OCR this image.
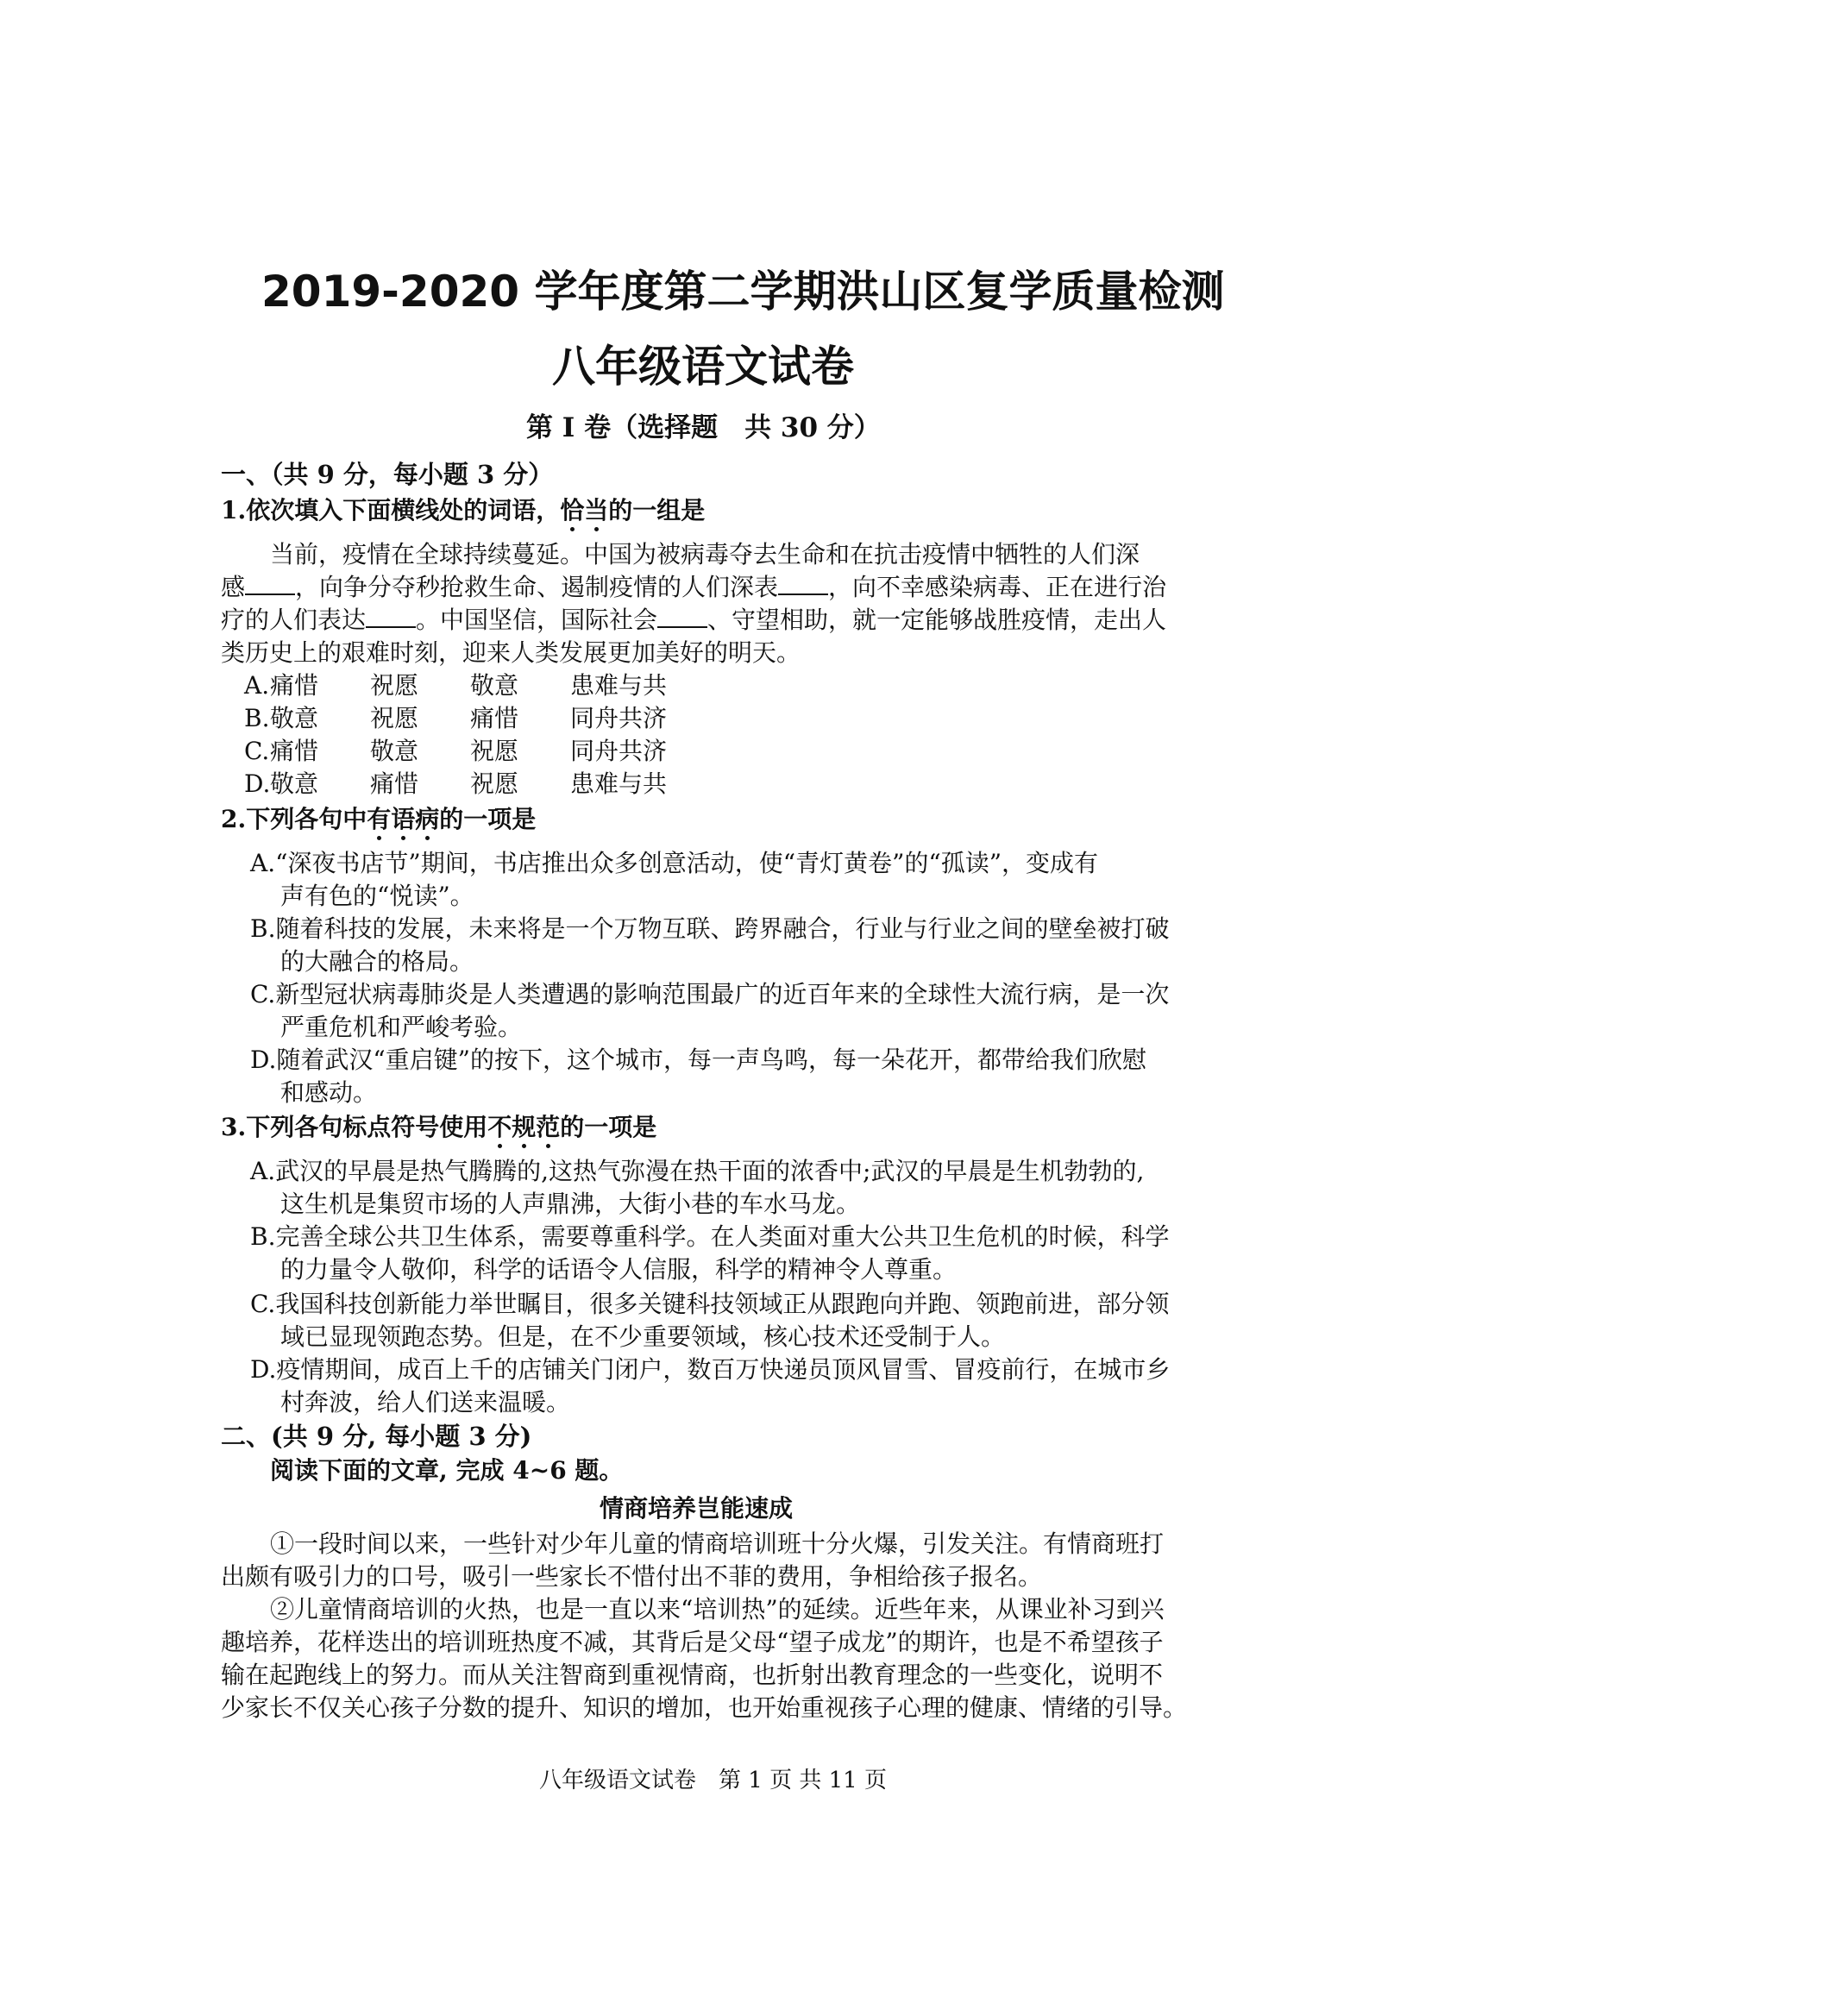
2019-2020 学年度第二学期洪山区复学质量检测
八年级语文试卷
第 I 卷（选择题　共 30 分）
一、（共 9 分，每小题 3 分）
1.依次填入下面横线处的词语，恰当的一组是
当前，疫情在全球持续蔓延。中国为被病毒夺去生命和在抗击疫情中牺牲的人们深
感 ，向争分夺秒抢救生命、遏制疫情的人们深表 ，向不幸感染病毒、正在进行治
疗的人们表达 。中国坚信，国际社会 、守望相助，就一定能够战胜疫情，走出人
类历史上的艰难时刻，迎来人类发展更加美好的明天。
A.痛惜 祝愿 敬意 患难与共
B.敬意 祝愿 痛惜 同舟共济
C.痛惜 敬意 祝愿 同舟共济
D.敬意 痛惜 祝愿 患难与共
2.下列各句中有语病的一项是
A.“深夜书店节”期间，书店推出众多创意活动，使“青灯黄卷”的“孤读”，变成有
声有色的“悦读”。
B.随着科技的发展，未来将是一个万物互联、跨界融合，行业与行业之间的壁垒被打破
的大融合的格局。
C.新型冠状病毒肺炎是人类遭遇的影响范围最广的近百年来的全球性大流行病，是一次
严重危机和严峻考验。
D.随着武汉“重启键”的按下，这个城市，每一声鸟鸣，每一朵花开，都带给我们欣慰
和感动。
3.下列各句标点符号使用不规范的一项是
A.武汉的早晨是热气腾腾的,这热气弥漫在热干面的浓香中;武汉的早晨是生机勃勃的,
这生机是集贸市场的人声鼎沸，大街小巷的车水马龙。
B.完善全球公共卫生体系，需要尊重科学。在人类面对重大公共卫生危机的时候，科学
的力量令人敬仰，科学的话语令人信服，科学的精神令人尊重。
C.我国科技创新能力举世瞩目，很多关键科技领域正从跟跑向并跑、领跑前进，部分领
域已显现领跑态势。但是，在不少重要领域，核心技术还受制于人。
D.疫情期间，成百上千的店铺关门闭户，数百万快递员顶风冒雪、冒疫前行，在城市乡
村奔波，给人们送来温暖。
二、(共 9 分, 每小题 3 分)
阅读下面的文章, 完成 4~6 题。
情商培养岂能速成
①一段时间以来，一些针对少年儿童的情商培训班十分火爆，引发关注。有情商班打
出颇有吸引力的口号，吸引一些家长不惜付出不菲的费用，争相给孩子报名。
②儿童情商培训的火热，也是一直以来“培训热”的延续。近些年来，从课业补习到兴
趣培养，花样迭出的培训班热度不减，其背后是父母“望子成龙”的期许，也是不希望孩子
输在起跑线上的努力。而从关注智商到重视情商，也折射出教育理念的一些变化，说明不
少家长不仅关心孩子分数的提升、知识的增加，也开始重视孩子心理的健康、情绪的引导。
八年级语文试卷　第 1 页 共 11 页
